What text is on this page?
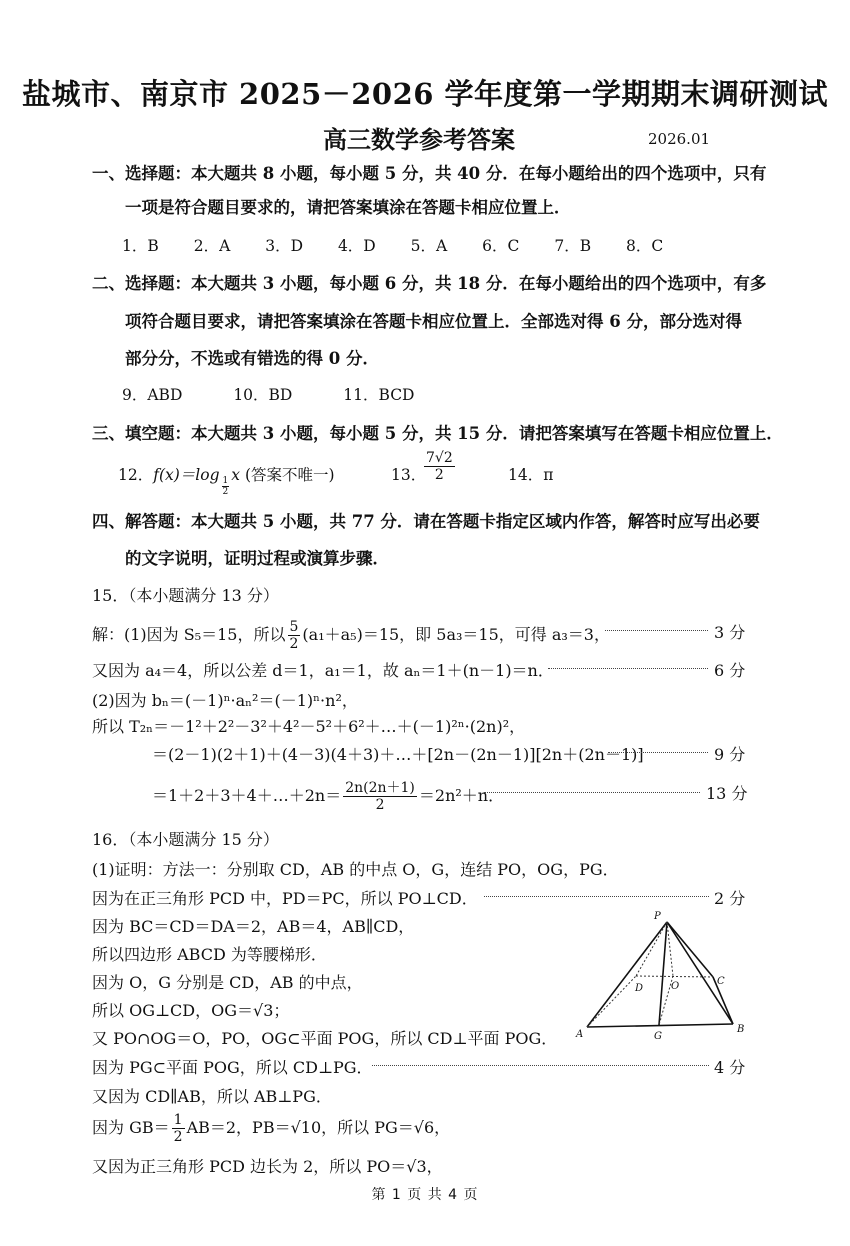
盐城市、南京市 2025－2026 学年度第一学期期末调研测试
高三数学参考答案	2026.01
一、选择题：本大题共 8 小题，每小题 5 分，共 40 分．在每小题给出的四个选项中，只有
一项是符合题目要求的，请把答案填涂在答题卡相应位置上．
1．B 2．A 3．D 4．D 5．A 6．C 7．B 8．C
二、选择题：本大题共 3 小题，每小题 6 分，共 18 分．在每小题给出的四个选项中，有多
项符合题目要求，请把答案填涂在答题卡相应位置上．全部选对得 6 分，部分选对得
部分分，不选或有错选的得 0 分．
9．ABD	10．BD	11．BCD
三、填空题：本大题共 3 小题，每小题 5 分，共 15 分．请把答案填写在答题卡相应位置上．
12．f(x)＝log
$\frac{1}{2}$
x (答案不唯一)	13．
$\frac{7√2}{2}$	14．π
四、解答题：本大题共 5 小题，共 77 分．请在答题卡指定区域内作答，解答时应写出必要
的文字说明，证明过程或演算步骤．
15．（本小题满分 13 分）
解：(1)因为 S₅＝15，所以 $\frac{5}{2} (a_1+a_5)=15$，即 5a₃＝15，可得 a₃＝3，	3 分
又因为 a₄＝4，所以公差 d＝1，a₁＝1，故 aₙ＝1＋(n－1)＝n．	6 分
(2)因为 bₙ＝(－1)ⁿ·aₙ²＝(－1)ⁿ·n²，
所以 T₂ₙ＝－1²＋2²－3²＋4²－5²＋6²＋…＋(－1)²ⁿ·(2n)²，
＝(2－1)(2＋1)＋(4－3)(4＋3)＋…＋[2n－(2n－1)][2n＋(2n－1)]	9 分
＝1＋2＋3＋4＋…＋2n＝ $\frac{2n(2n+1)}{2} =2n^2+n$．	13 分
16．（本小题满分 15 分）
(1)证明：方法一：分别取 CD，AB 的中点 O，G，连结 PO，OG，PG．
因为在正三角形 PCD 中，PD＝PC，所以 PO⊥CD．	2 分
因为 BC＝CD＝DA＝2，AB＝4，AB∥CD，
所以四边形 ABCD 为等腰梯形．
因为 O，G 分别是 CD，AB 的中点，
所以 OG⊥CD，OG＝√3；
又 PO∩OG＝O，PO，OG⊂平面 POG，所以 CD⊥平面 POG．
因为 PG⊂平面 POG，所以 CD⊥PG．	4 分
又因为 CD∥AB，所以 AB⊥PG．
因为 $GB= \frac{1}{2} AB=2$，PB＝√10，所以 PG＝√6，
又因为正三角形 PCD 边长为 2，所以 PO＝√3，
P
A	B
C
D	O
G
第 1 页 共 4 页
